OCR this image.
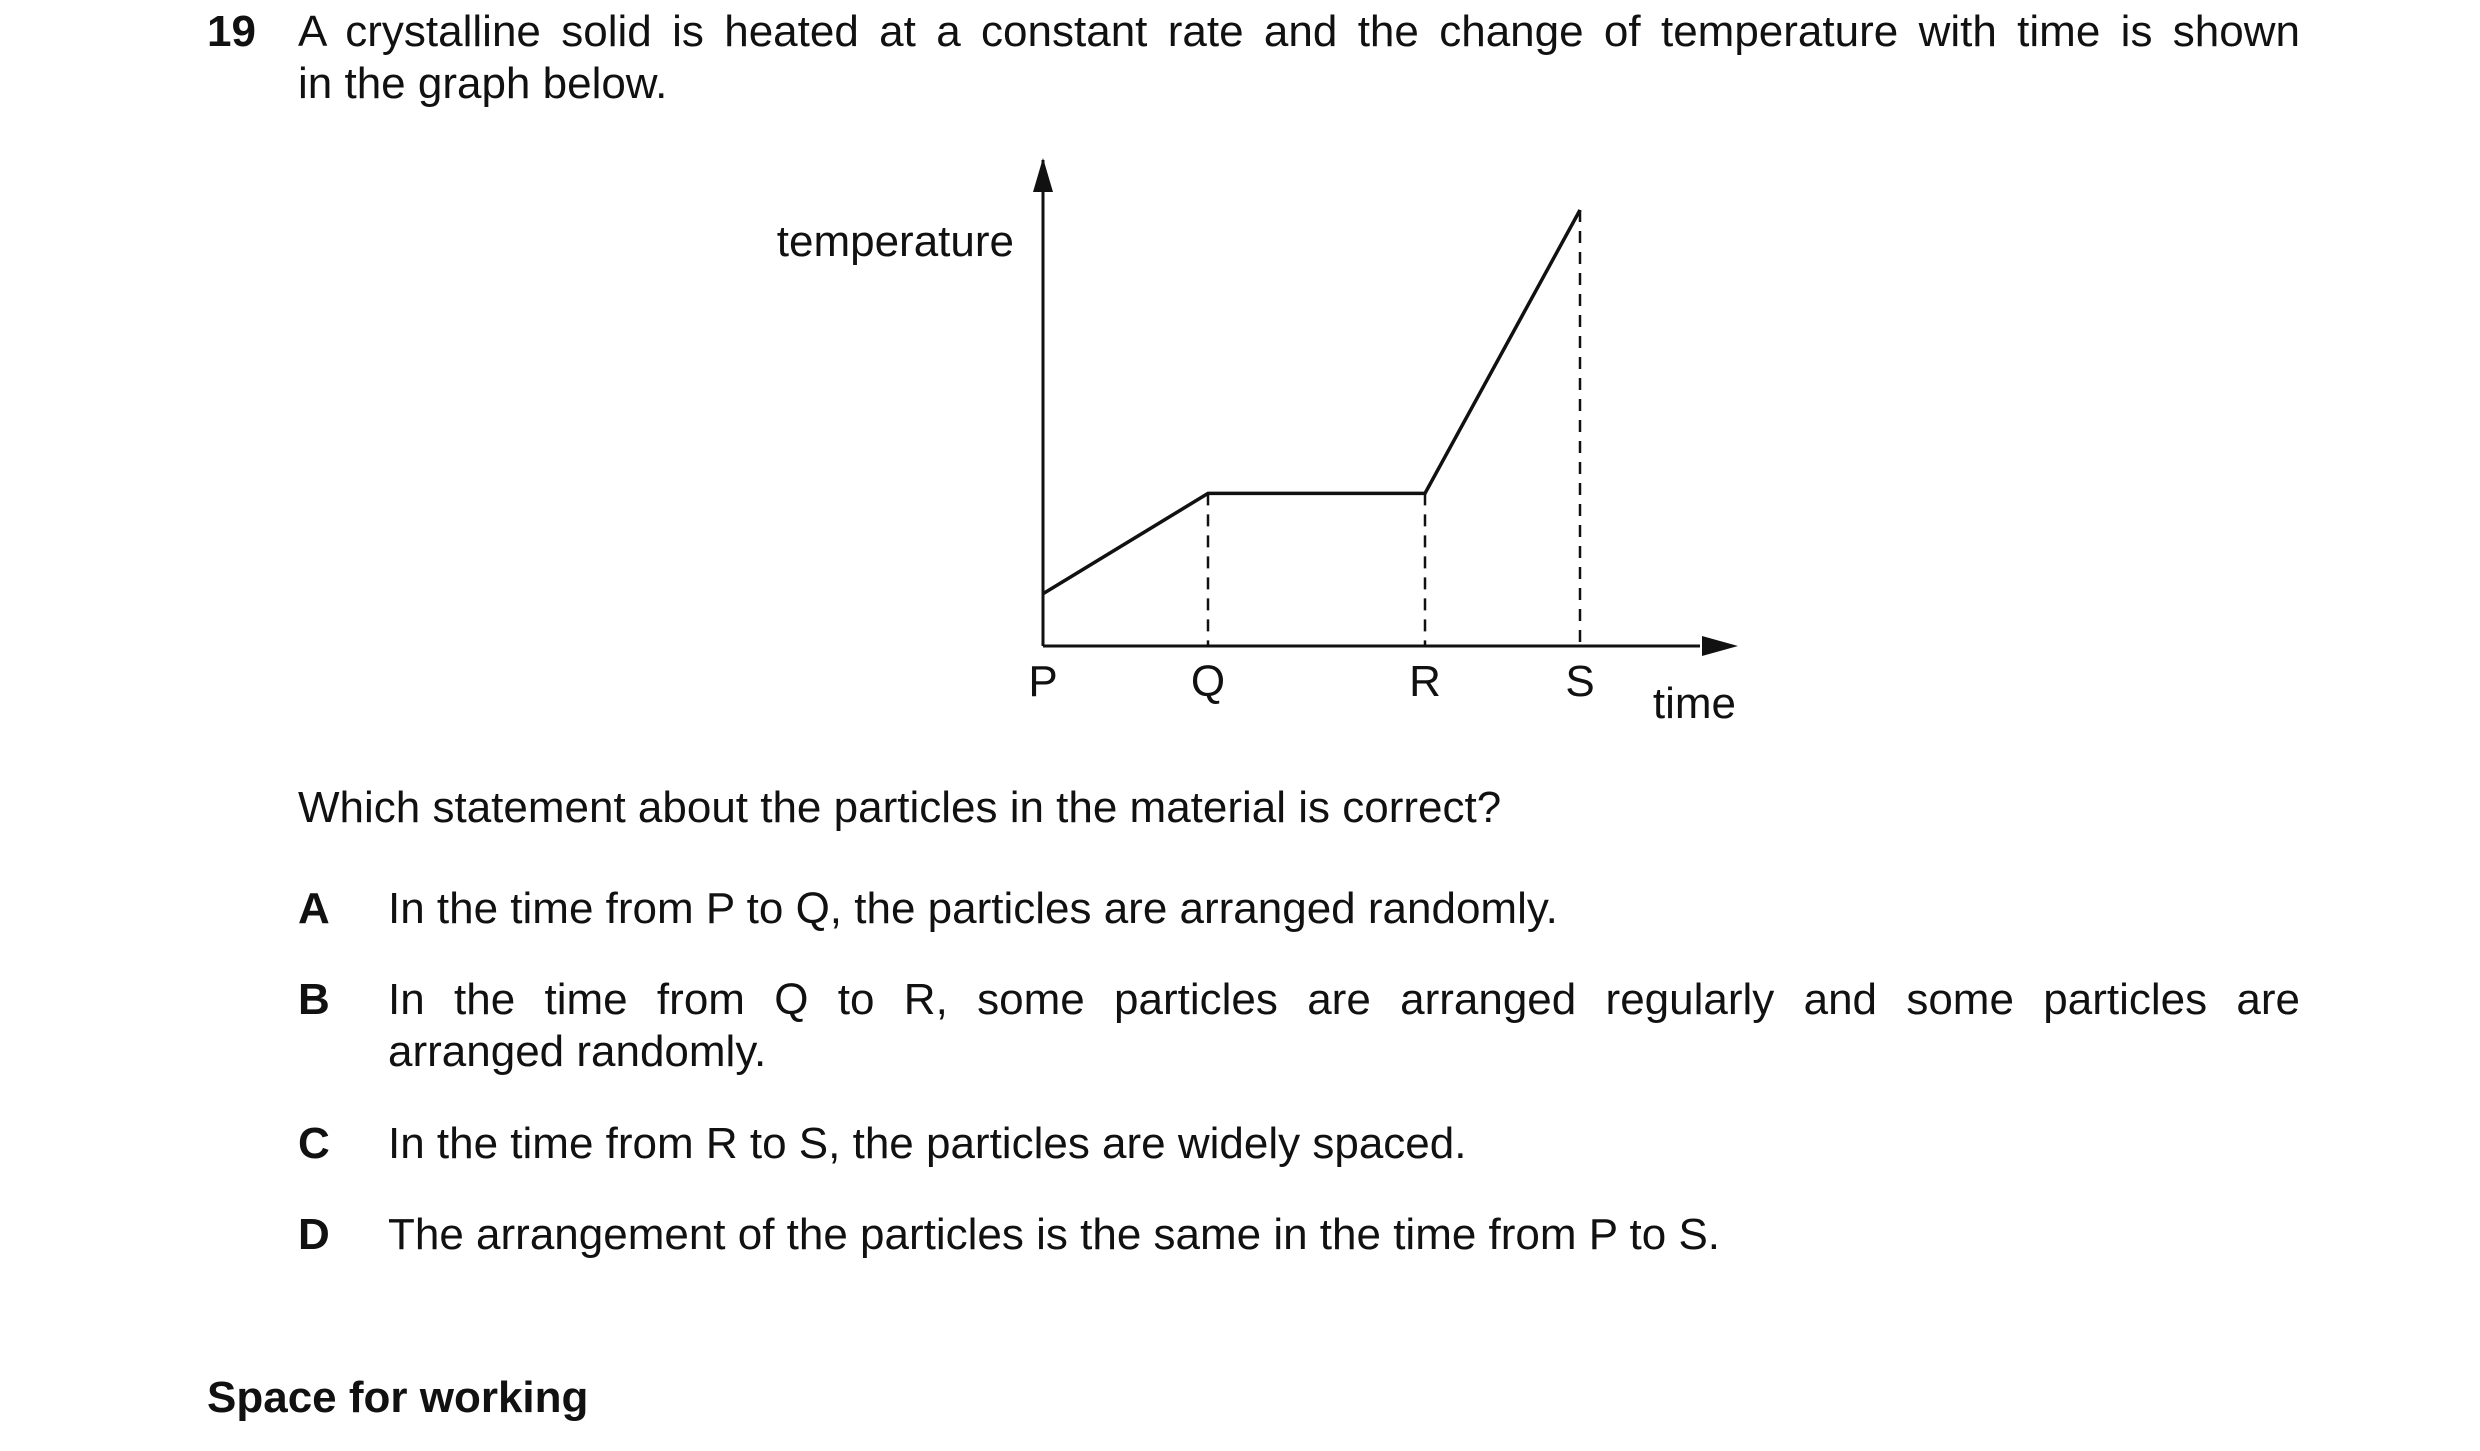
19 A crystalline solid is heated at a constant rate and the change of temperature with time is shown
in the graph below.
P	Q	R	S
temperature
time
Which statement about the particles in the material is correct?
A In the time from P to Q, the particles are arranged randomly.
B In the time from Q to R, some particles are arranged regularly and some particles are
arranged randomly.
C In the time from R to S, the particles are widely spaced.
D The arrangement of the particles is the same in the time from P to S.
Space for working
